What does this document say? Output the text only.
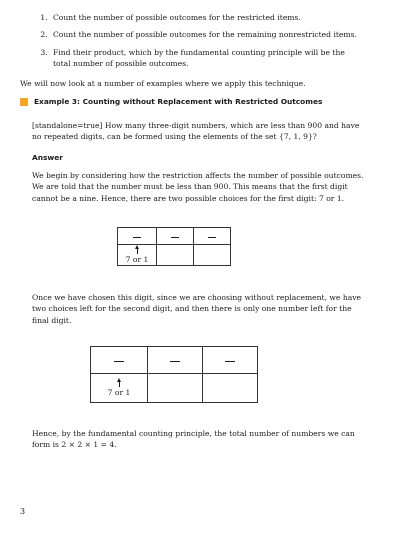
1. Count the number of possible outcomes for the restricted items.
2. Count the number of possible outcomes for the remaining nonrestricted items.
3. Find their product, which by the fundamental counting principle will be the total number of possible outcomes.
We will now look at a number of examples where we apply this technique.
Example 3: Counting without Replacement with Restricted Outcomes
[standalone=true] How many three-digit numbers, which are less than 900 and have no repeated digits, can be formed using the elements of the set {7, 1, 9}?
Answer
We begin by considering how the restriction affects the number of possible outcomes. We are told that the number must be less than 900. This means that the first digit cannot be a nine. Hence, there are two possible choices for the first digit: 7 or 1.

7 or 1		

Once we have chosen this digit, since we are choosing without replacement, we have two choices left for the second digit, and then there is only one number left for the final digit.

7 or 1		

Hence, by the fundamental counting principle, the total number of numbers we can form is 2 × 2 × 1 = 4.
3
